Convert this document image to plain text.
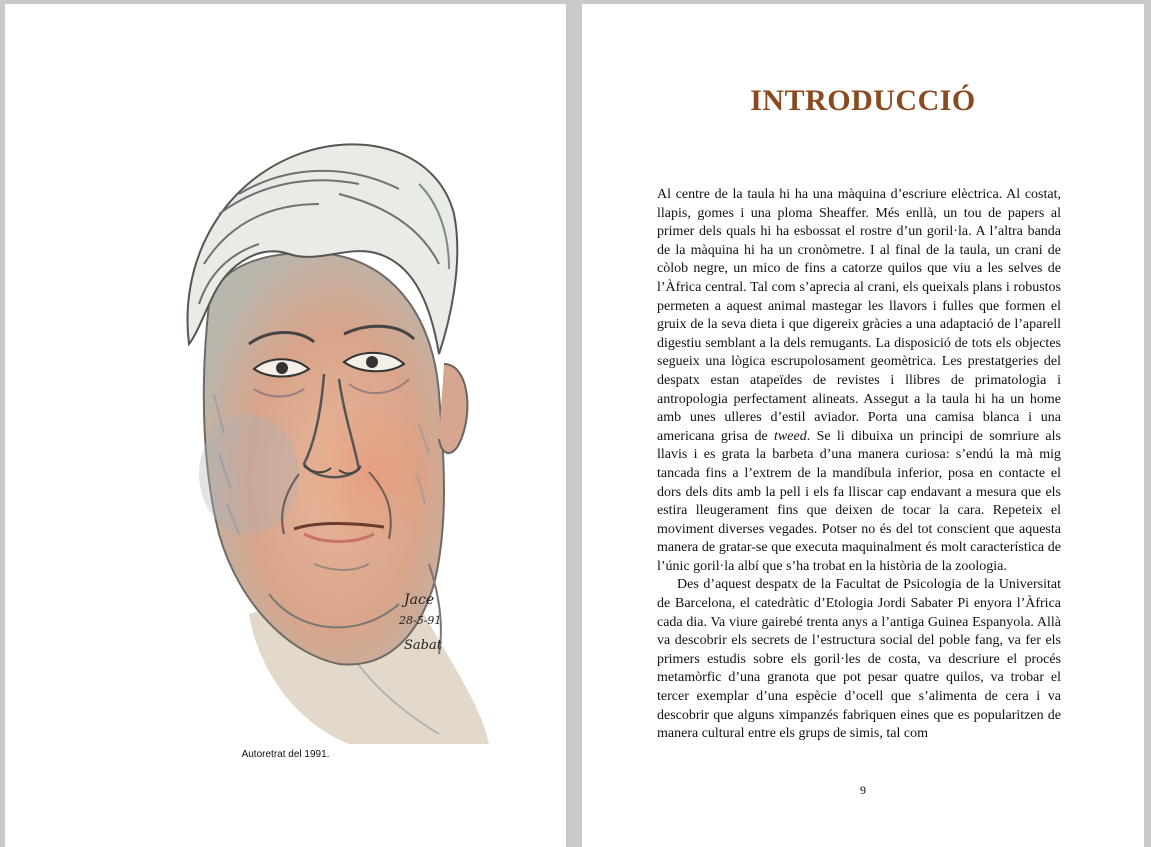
Jace
28-5-91
Sabat
Autoretrat del 1991.
INTRODUCCIÓ

Al centre de la taula hi ha una màquina d’escriure elèctrica. Al costat, llapis, gomes i una ploma Sheaffer. Més enllà, un tou de papers al primer dels quals hi ha esbossat el rostre d’un goril·la. A l’altra banda de la màquina hi ha un cronòmetre. I al final de la taula, un crani de còlob negre, un mico de fins a catorze quilos que viu a les selves de l’Àfrica central. Tal com s’aprecia al crani, els queixals plans i robustos permeten a aquest animal mastegar les llavors i fulles que formen el gruix de la seva dieta i que digereix gràcies a una adaptació de l’aparell digestiu semblant a la dels remugants. La disposició de tots els objectes segueix una lògica escrupolosament geomètrica. Les prestatgeries del despatx estan atapeïdes de revistes i llibres de primatologia i antropologia perfectament alineats. Assegut a la taula hi ha un home amb unes ulleres d’estil aviador. Porta una camisa blanca i una americana grisa de tweed. Se li dibuixa un principi de somriure als llavis i es grata la barbeta d’una manera curiosa: s’endú la mà mig tancada fins a l’extrem de la mandíbula inferior, posa en contacte el dors dels dits amb la pell i els fa lliscar cap endavant a mesura que els estira lleugerament fins que deixen de tocar la cara. Repeteix el moviment diverses vegades. Potser no és del tot conscient que aquesta manera de gratar-se que executa maquinalment és molt característica de l’únic goril·la albí que s’ha trobat en la història de la zoologia.

Des d’aquest despatx de la Facultat de Psicologia de la Universitat de Barcelona, el catedràtic d’Etologia Jordi Sabater Pi enyora l’Àfrica cada dia. Va viure gairebé trenta anys a l’antiga Guinea Espanyola. Allà va descobrir els secrets de l’estructura social del poble fang, va fer els primers estudis sobre els goril·les de costa, va descriure el procés metamòrfic d’una granota que pot pesar quatre quilos, va trobar el tercer exemplar d’una espècie d’ocell que s’alimenta de cera i va descobrir que alguns ximpanzés fabriquen eines que es popularitzen de manera cultural entre els grups de simis, tal com

9
